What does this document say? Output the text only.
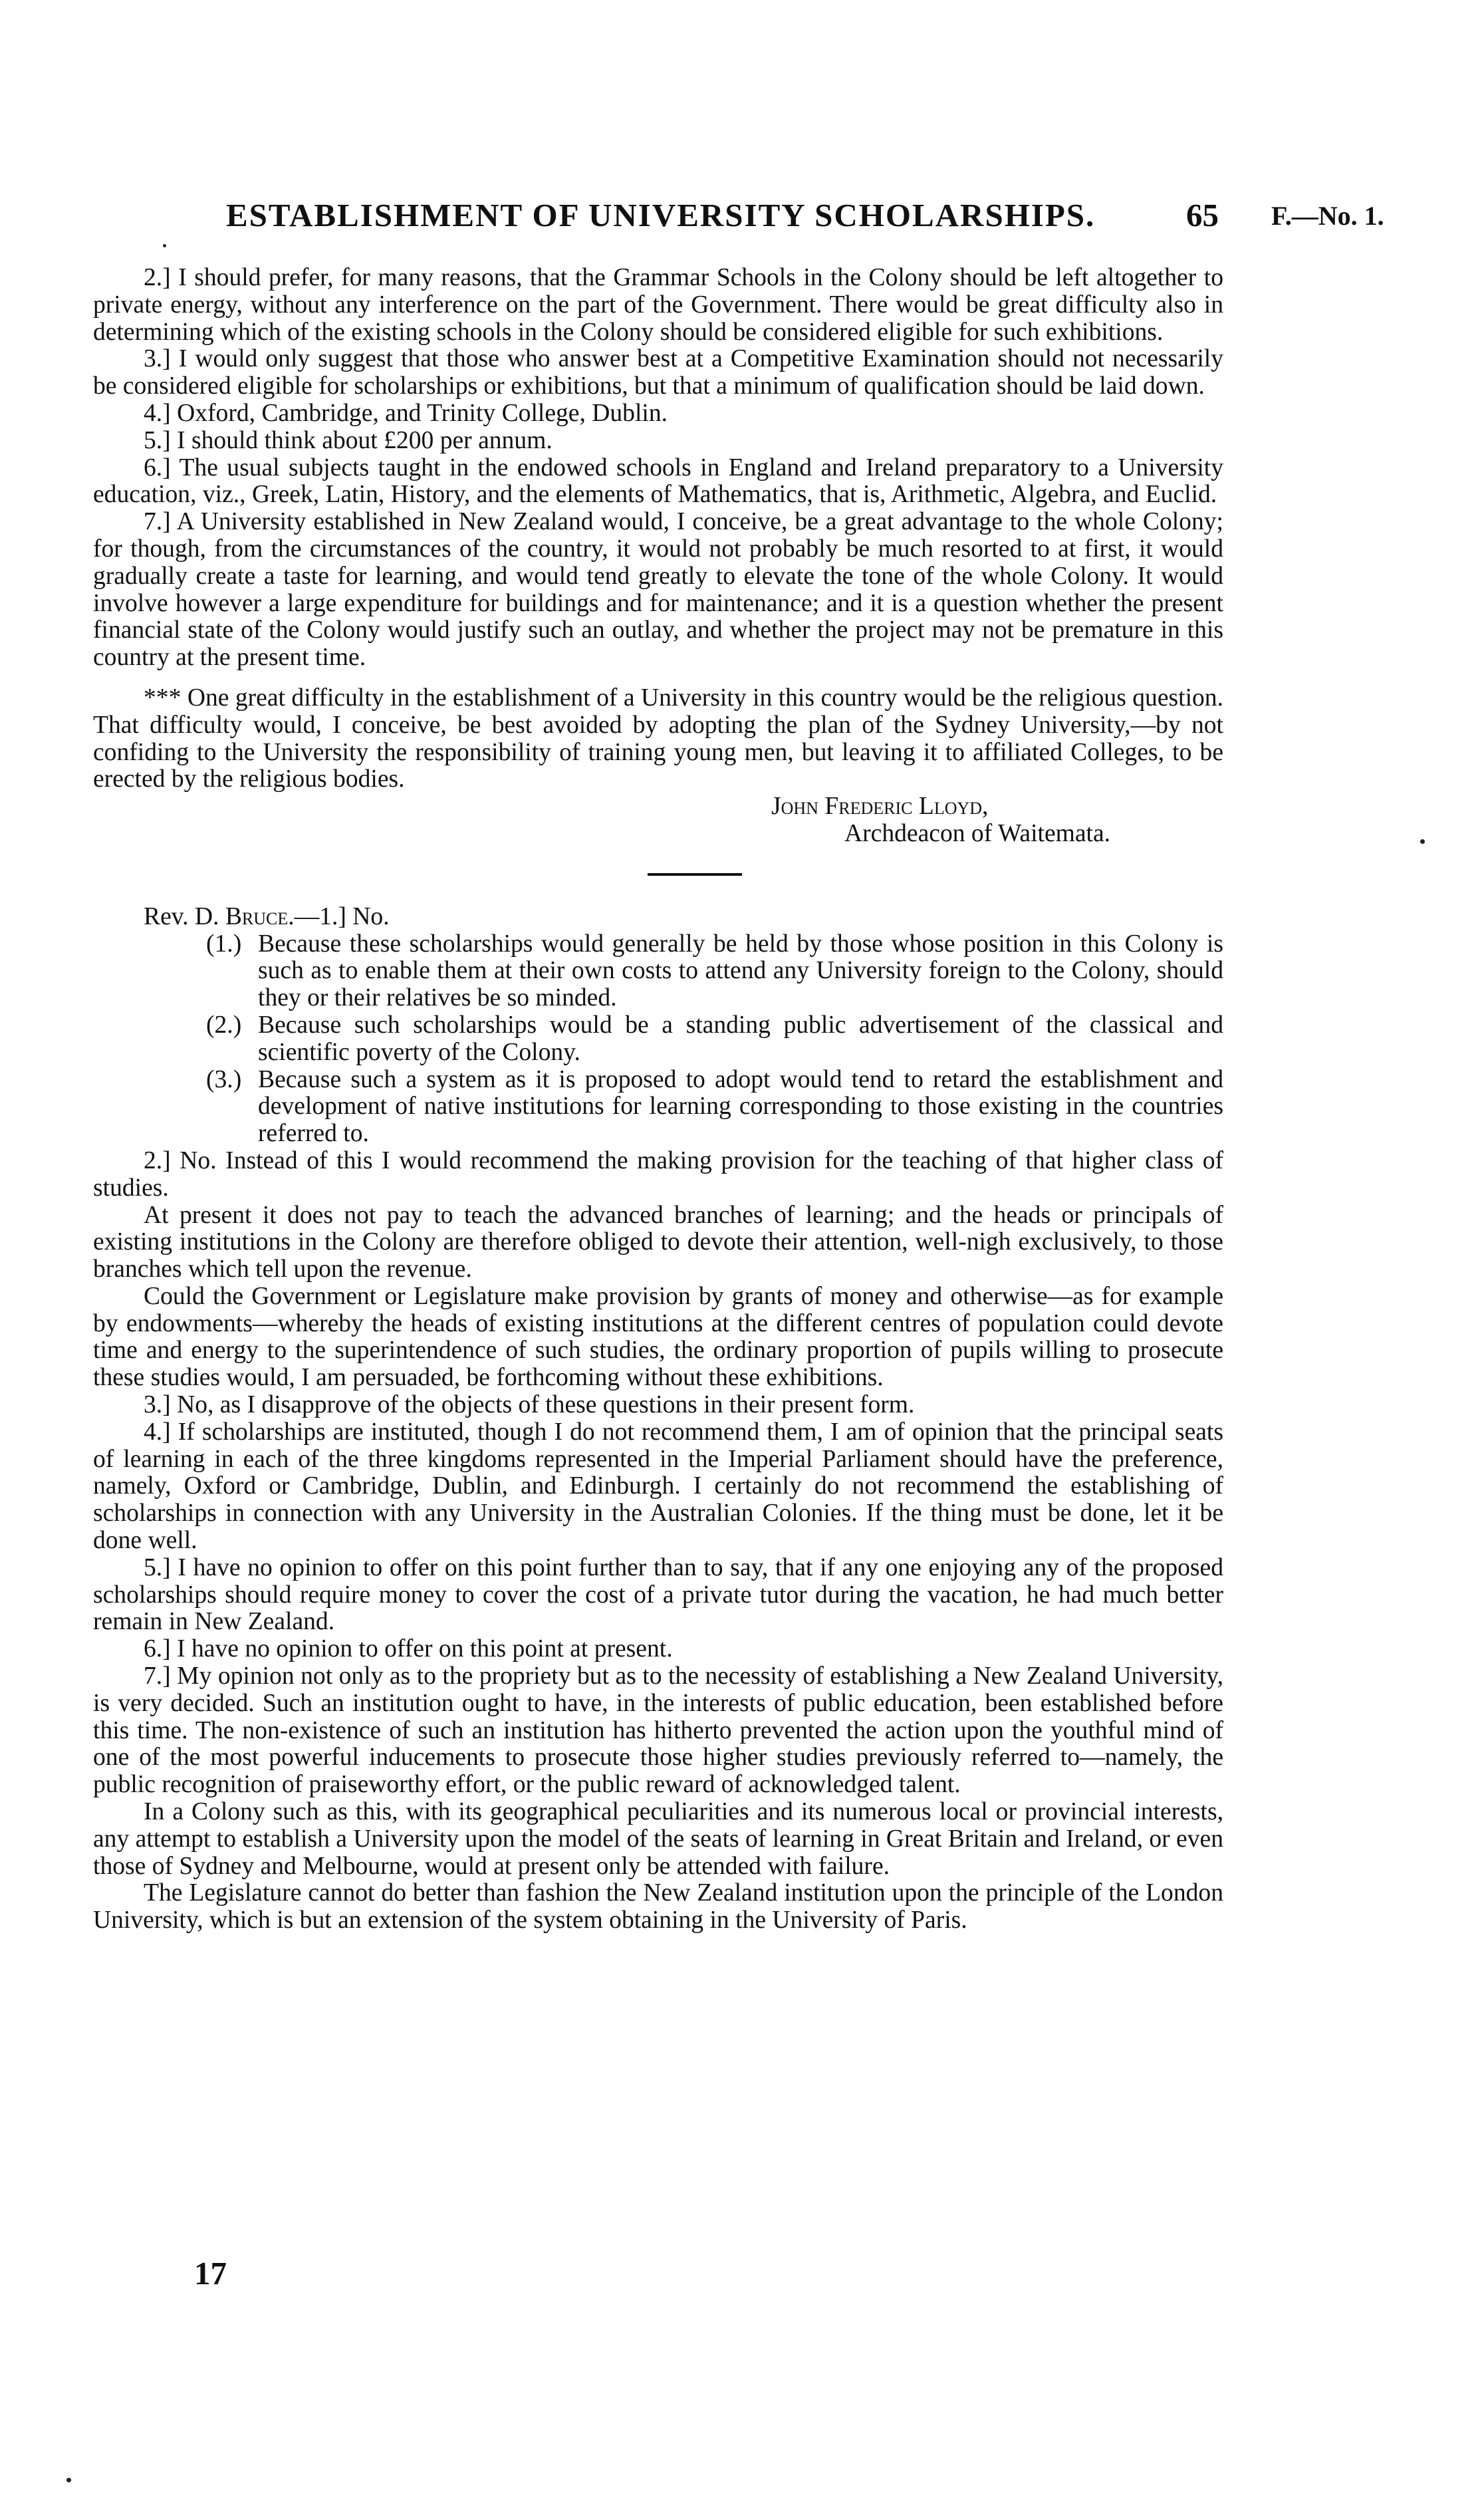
ESTABLISHMENT OF UNIVERSITY SCHOLARSHIPS.	65 F.—No. 1.

2.] I should prefer, for many reasons, that the Grammar Schools in the Colony should be left altogether to private energy, without any interference on the part of the Government. There would be great difficulty also in determining which of the existing schools in the Colony should be considered eligible for such exhibitions.

3.] I would only suggest that those who answer best at a Competitive Examination should not necessarily be considered eligible for scholarships or exhibitions, but that a minimum of qualification should be laid down.

4.] Oxford, Cambridge, and Trinity College, Dublin.

5.] I should think about £200 per annum.

6.] The usual subjects taught in the endowed schools in England and Ireland preparatory to a University education, viz., Greek, Latin, History, and the elements of Mathematics, that is, Arithmetic, Algebra, and Euclid.

7.] A University established in New Zealand would, I conceive, be a great advantage to the whole Colony; for though, from the circumstances of the country, it would not probably be much resorted to at first, it would gradually create a taste for learning, and would tend greatly to elevate the tone of the whole Colony. It would involve however a large expenditure for buildings and for maintenance; and it is a question whether the present financial state of the Colony would justify such an outlay, and whether the project may not be premature in this country at the present time.

*** One great difficulty in the establishment of a University in this country would be the religious question. That difficulty would, I conceive, be best avoided by adopting the plan of the Sydney University,—by not confiding to the University the responsibility of training young men, but leaving it to affiliated Colleges, to be erected by the religious bodies.

John Frederic Lloyd,
Archdeacon of Waitemata.

Rev. D. Bruce.—1.] No.

(1.) Because these scholarships would generally be held by those whose position in this Colony is such as to enable them at their own costs to attend any University foreign to the Colony, should they or their relatives be so minded.
(2.) Because such scholarships would be a standing public advertisement of the classical and scientific poverty of the Colony.
(3.) Because such a system as it is proposed to adopt would tend to retard the establishment and development of native institutions for learning corresponding to those existing in the countries referred to.

2.] No. Instead of this I would recommend the making provision for the teaching of that higher class of studies.

At present it does not pay to teach the advanced branches of learning; and the heads or principals of existing institutions in the Colony are therefore obliged to devote their attention, well-nigh exclusively, to those branches which tell upon the revenue.

Could the Government or Legislature make provision by grants of money and otherwise—as for example by endowments—whereby the heads of existing institutions at the different centres of population could devote time and energy to the superintendence of such studies, the ordinary proportion of pupils willing to prosecute these studies would, I am persuaded, be forthcoming without these exhibitions.

3.] No, as I disapprove of the objects of these questions in their present form.

4.] If scholarships are instituted, though I do not recommend them, I am of opinion that the principal seats of learning in each of the three kingdoms represented in the Imperial Parliament should have the preference, namely, Oxford or Cambridge, Dublin, and Edinburgh. I certainly do not recommend the establishing of scholarships in connection with any University in the Australian Colonies. If the thing must be done, let it be done well.

5.] I have no opinion to offer on this point further than to say, that if any one enjoying any of the proposed scholarships should require money to cover the cost of a private tutor during the vacation, he had much better remain in New Zealand.

6.] I have no opinion to offer on this point at present.

7.] My opinion not only as to the propriety but as to the necessity of establishing a New Zealand University, is very decided. Such an institution ought to have, in the interests of public education, been established before this time. The non-existence of such an institution has hitherto prevented the action upon the youthful mind of one of the most powerful inducements to prosecute those higher studies previously referred to—namely, the public recognition of praiseworthy effort, or the public reward of acknowledged talent.

In a Colony such as this, with its geographical peculiarities and its numerous local or provincial interests, any attempt to establish a University upon the model of the seats of learning in Great Britain and Ireland, or even those of Sydney and Melbourne, would at present only be attended with failure.

The Legislature cannot do better than fashion the New Zealand institution upon the principle of the London University, which is but an extension of the system obtaining in the University of Paris.

17
